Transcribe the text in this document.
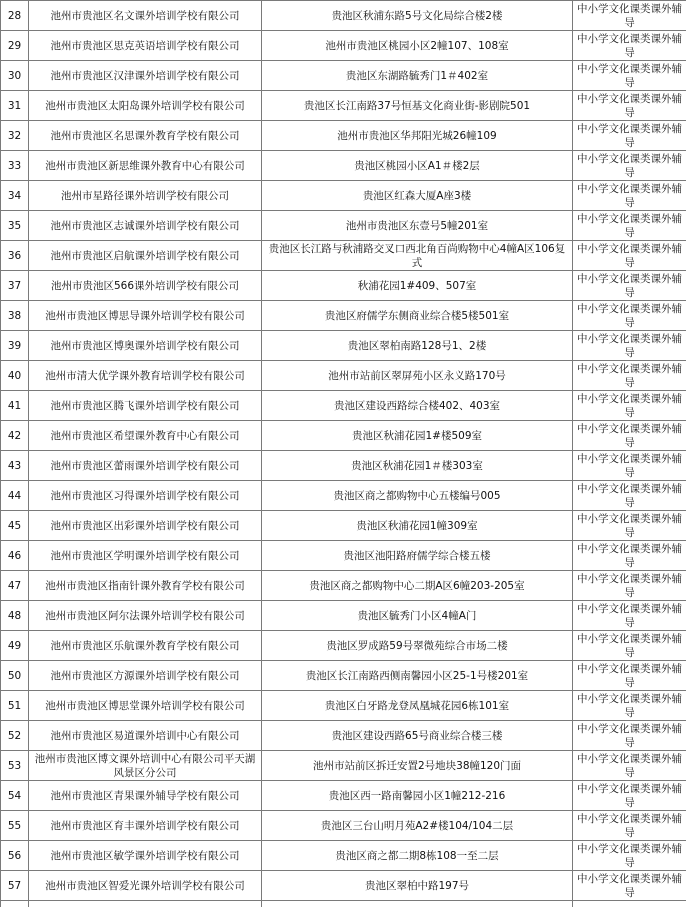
28	池州市贵池区名文课外培训学校有限公司	贵池区秋浦东路5号文化局综合楼2楼	中小学文化课类课外辅导
29	池州市贵池区思克英语培训学校有限公司	池州市贵池区桃园小区2幢107、108室	中小学文化课类课外辅导
30	池州市贵池区汉津课外培训学校有限公司	贵池区东湖路毓秀门1＃402室	中小学文化课类课外辅导
31	池州市贵池区太阳岛课外培训学校有限公司	贵池区长江南路37号恒基文化商业街-影剧院501	中小学文化课类课外辅导
32	池州市贵池区名思课外教育学校有限公司	池州市贵池区华邦阳光城26幢109	中小学文化课类课外辅导
33	池州市贵池区新思维课外教育中心有限公司	贵池区桃园小区A1＃楼2层	中小学文化课类课外辅导
34	池州市星路径课外培训学校有限公司	贵池区红森大厦A座3楼	中小学文化课类课外辅导
35	池州市贵池区志诚课外培训学校有限公司	池州市贵池区东壹号5幢201室	中小学文化课类课外辅导
36	池州市贵池区启航课外培训学校有限公司	贵池区长江路与秋浦路交叉口西北角百尚购物中心4幢A区106复式	中小学文化课类课外辅导
37	池州市贵池区566课外培训学校有限公司	秋浦花园1#409、507室	中小学文化课类课外辅导
38	池州市贵池区博思导课外培训学校有限公司	贵池区府儒学东侧商业综合楼5楼501室	中小学文化课类课外辅导
39	池州市贵池区博奥课外培训学校有限公司	贵池区翠柏南路128号1、2楼	中小学文化课类课外辅导
40	池州市清大优学课外教育培训学校有限公司	池州市站前区翠屏苑小区永义路170号	中小学文化课类课外辅导
41	池州市贵池区腾飞课外培训学校有限公司	贵池区建设西路综合楼402、403室	中小学文化课类课外辅导
42	池州市贵池区希望课外教育中心有限公司	贵池区秋浦花园1#楼509室	中小学文化课类课外辅导
43	池州市贵池区蕾雨课外培训学校有限公司	贵池区秋浦花园1＃楼303室	中小学文化课类课外辅导
44	池州市贵池区习得课外培训学校有限公司	贵池区商之都购物中心五楼编号005	中小学文化课类课外辅导
45	池州市贵池区出彩课外培训学校有限公司	贵池区秋浦花园1幢309室	中小学文化课类课外辅导
46	池州市贵池区学明课外培训学校有限公司	贵池区池阳路府儒学综合楼五楼	中小学文化课类课外辅导
47	池州市贵池区指南针课外教育学校有限公司	贵池区商之都购物中心二期A区6幢203-205室	中小学文化课类课外辅导
48	池州市贵池区阿尔法课外培训学校有限公司	贵池区毓秀门小区4幢A门	中小学文化课类课外辅导
49	池州市贵池区乐航课外教育学校有限公司	贵池区罗成路59号翠微苑综合市场二楼	中小学文化课类课外辅导
50	池州市贵池区方源课外培训学校有限公司	贵池区长江南路西侧南馨园小区25-1号楼201室	中小学文化课类课外辅导
51	池州市贵池区博思堂课外培训学校有限公司	贵池区白牙路龙登凤凰城花园6栋101室	中小学文化课类课外辅导
52	池州市贵池区易道课外培训中心有限公司	贵池区建设西路65号商业综合楼三楼	中小学文化课类课外辅导
53	池州市贵池区博文课外培训中心有限公司平天湖风景区分公司	池州市站前区拆迁安置2号地块38幢120门面	中小学文化课类课外辅导
54	池州市贵池区青果课外辅导学校有限公司	贵池区西一路南馨园小区1幢212-216	中小学文化课类课外辅导
55	池州市贵池区育丰课外培训学校有限公司	贵池区三台山明月苑A2#楼104/104二层	中小学文化课类课外辅导
56	池州市贵池区敏学课外培训学校有限公司	贵池区商之都二期8栋108一至二层	中小学文化课类课外辅导
57	池州市贵池区智爱光课外培训学校有限公司	贵池区翠柏中路197号	中小学文化课类课外辅导
